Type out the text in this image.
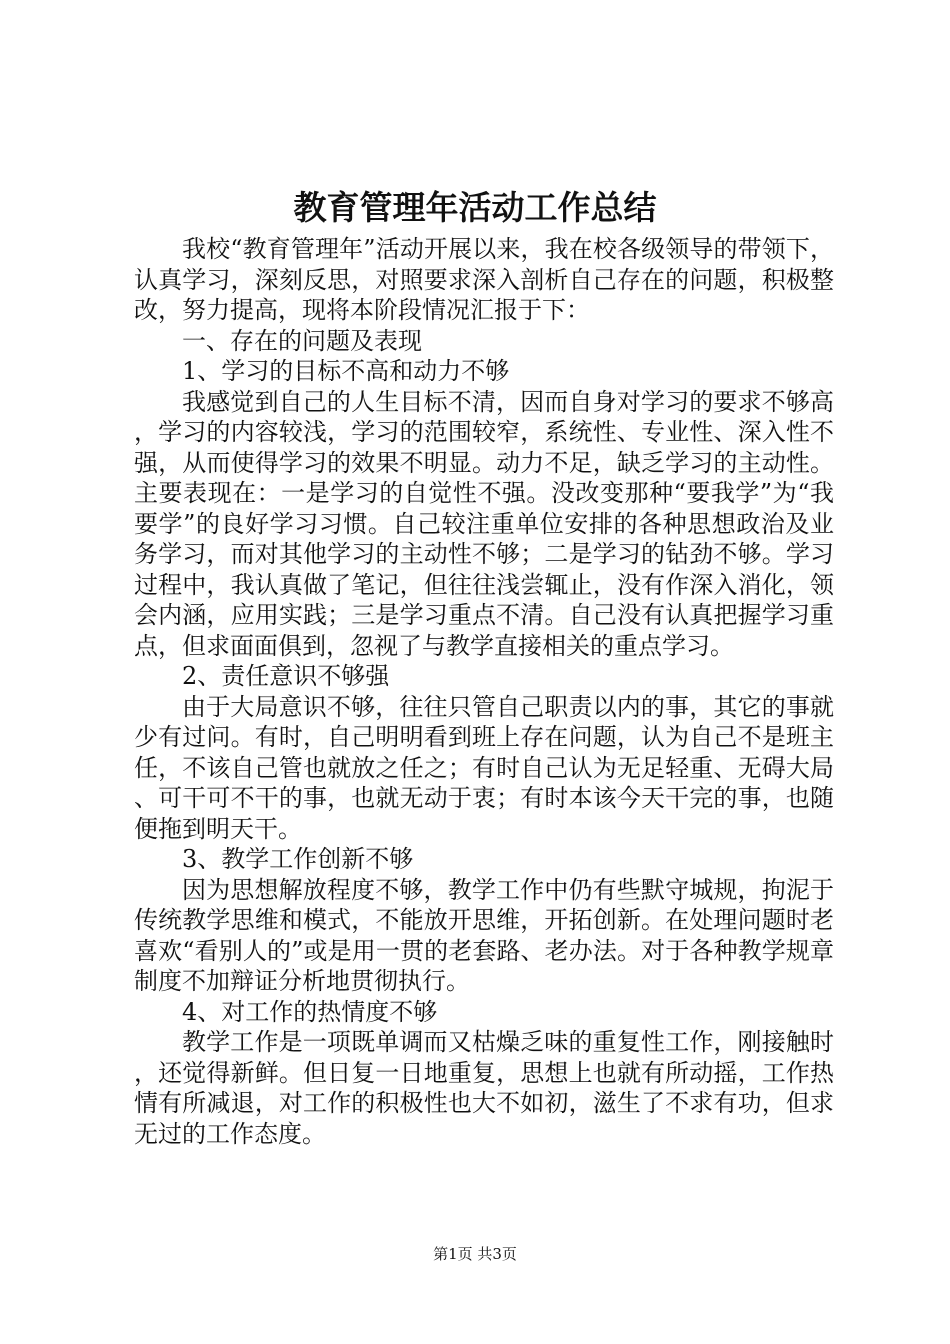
教育管理年活动工作总结

我校“教育管理年”活动开展以来，我在校各级领导的带领下，认真学习，深刻反思，对照要求深入剖析自己存在的问题，积极整改，努力提高，现将本阶段情况汇报于下：

一、存在的问题及表现

1、学习的目标不高和动力不够

我感觉到自己的人生目标不清，因而自身对学习的要求不够高，学习的内容较浅，学习的范围较窄，系统性、专业性、深入性不强，从而使得学习的效果不明显。动力不足，缺乏学习的主动性。主要表现在：一是学习的自觉性不强。没改变那种“要我学”为“我要学”的良好学习习惯。自己较注重单位安排的各种思想政治及业务学习，而对其他学习的主动性不够；二是学习的钻劲不够。学习过程中，我认真做了笔记，但往往浅尝辄止，没有作深入消化，领会内涵，应用实践；三是学习重点不清。自己没有认真把握学习重点，但求面面俱到，忽视了与教学直接相关的重点学习。

2、责任意识不够强

由于大局意识不够，往往只管自己职责以内的事，其它的事就少有过问。有时，自己明明看到班上存在问题，认为自己不是班主任，不该自己管也就放之任之；有时自己认为无足轻重、无碍大局、可干可不干的事，也就无动于衷；有时本该今天干完的事，也随便拖到明天干。

3、教学工作创新不够

因为思想解放程度不够，教学工作中仍有些默守城规，拘泥于传统教学思维和模式，不能放开思维，开拓创新。在处理问题时老喜欢“看别人的”或是用一贯的老套路、老办法。对于各种教学规章制度不加辩证分析地贯彻执行。

4、对工作的热情度不够

教学工作是一项既单调而又枯燥乏味的重复性工作，刚接触时，还觉得新鲜。但日复一日地重复，思想上也就有所动摇，工作热情有所减退，对工作的积极性也大不如初，滋生了不求有功，但求无过的工作态度。

第1页 共3页
